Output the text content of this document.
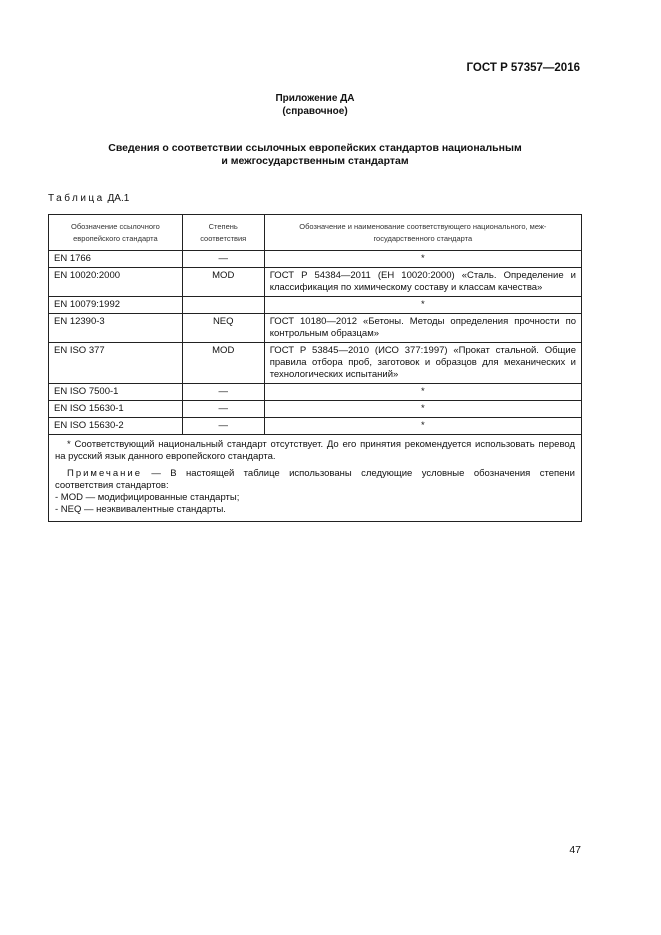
ГОСТ Р 57357—2016
Приложение ДА
(справочное)
Сведения о соответствии ссылочных европейских стандартов национальным
и межгосударственным стандартам
Таблица ДА.1
Обозначение ссылочного европейского стандарта	Степень соответствия	Обозначение и наименование соответствующего национального, меж-государственного стандарта
EN 1766	—	*
EN 10020:2000	MOD	ГОСТ Р 54384—2011 (ЕН 10020:2000) «Сталь. Определение и классификация по химическому составу и классам качества»
EN 10079:1992		*
EN 12390-3	NEQ	ГОСТ 10180—2012 «Бетоны. Методы определения прочности по контрольным образцам»
EN ISO 377	MOD	ГОСТ Р 53845—2010 (ИСО 377:1997) «Прокат стальной. Общие правила отбора проб, заготовок и образцов для механических и технологических испытаний»
EN ISO 7500-1	—	*
EN ISO 15630-1	—	*
EN ISO 15630-2	—	*

* Соответствующий национальный стандарт отсутствует. До его принятия рекомендуется использовать перевод на русский язык данного европейского стандарта.

Примечание — В настоящей таблице использованы следующие условные обозначения степени соответствия стандартов:

- MOD — модифицированные стандарты;

- NEQ — неэквивалентные стандарты.		

47
